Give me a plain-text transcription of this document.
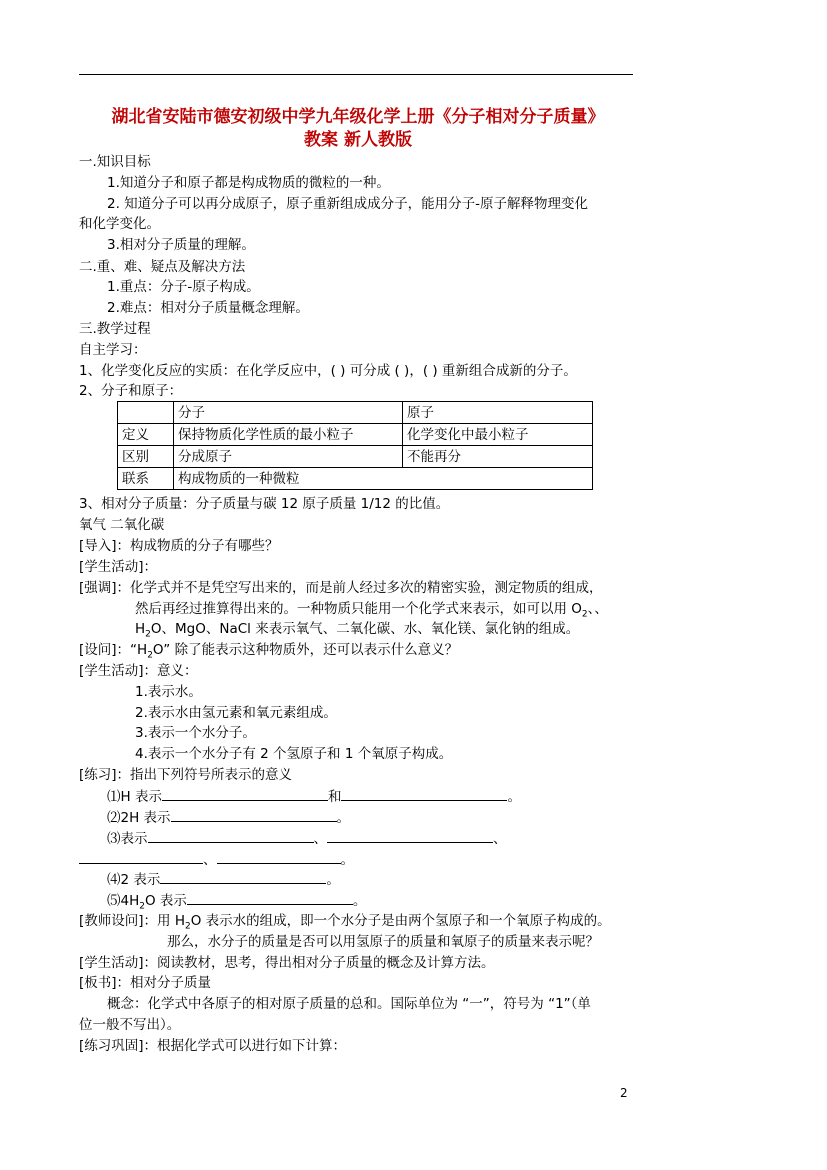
湖北省安陆市德安初级中学九年级化学上册《分子相对分子质量》

教案 新人教版

一.知识目标

1.知道分子和原子都是构成物质的微粒的一种。

2. 知道分子可以再分成原子，原子重新组成成分子，能用分子-原子解释物理变化

和化学变化。

3.相对分子质量的理解。

二.重、难、疑点及解决方法

1.重点：分子-原子构成。

2.难点：相对分子质量概念理解。

三.教学过程

自主学习：

1、化学变化反应的实质：在化学反应中，( ) 可分成 ( )，( ) 重新组合成新的分子。

2、分子和原子：

	分子	原子
定义	保持物质化学性质的最小粒子	化学变化中最小粒子
区别	分成原子	不能再分
联系	构成物质的一种微粒	

3、相对分子质量：分子质量与碳 12 原子质量 1/12 的比值。

氧气 二氧化碳

[导入]：构成物质的分子有哪些？

[学生活动]：

[强调]：化学式并不是凭空写出来的，而是前人经过多次的精密实验，测定物质的组成，

然后再经过推算得出来的。一种物质只能用一个化学式来表示，如可以用 $O_2$、、

$H_2O$、MgO、NaCl 来表示氧气、二氧化碳、水、氧化镁、氯化钠的组成。

[设问]：“$H_2O$” 除了能表示这种物质外，还可以表示什么意义？

[学生活动]：意义：

1.表示水。

2.表示水由氢元素和氧元素组成。

3.表示一个水分子。

4.表示一个水分子有 2 个氢原子和 1 个氧原子构成。

[练习]：指出下列符号所表示的意义

⑴H 表示	和	。

⑵2H 表示	。

⑶表示	、	、

、	。

⑷2 表示	。

$⑸4H_2O$ 表示	。

[教师设问]：用 $H_2O$ 表示水的组成，即一个水分子是由两个氢原子和一个氧原子构成的。

那么，水分子的质量是否可以用氢原子的质量和氧原子的质量来表示呢？

[学生活动]：阅读教材，思考，得出相对分子质量的概念及计算方法。

[板书]：相对分子质量

概念：化学式中各原子的相对原子质量的总和。国际单位为 “一”，符号为 “1”（单

位一般不写出）。

[练习巩固]：根据化学式可以进行如下计算：

2
